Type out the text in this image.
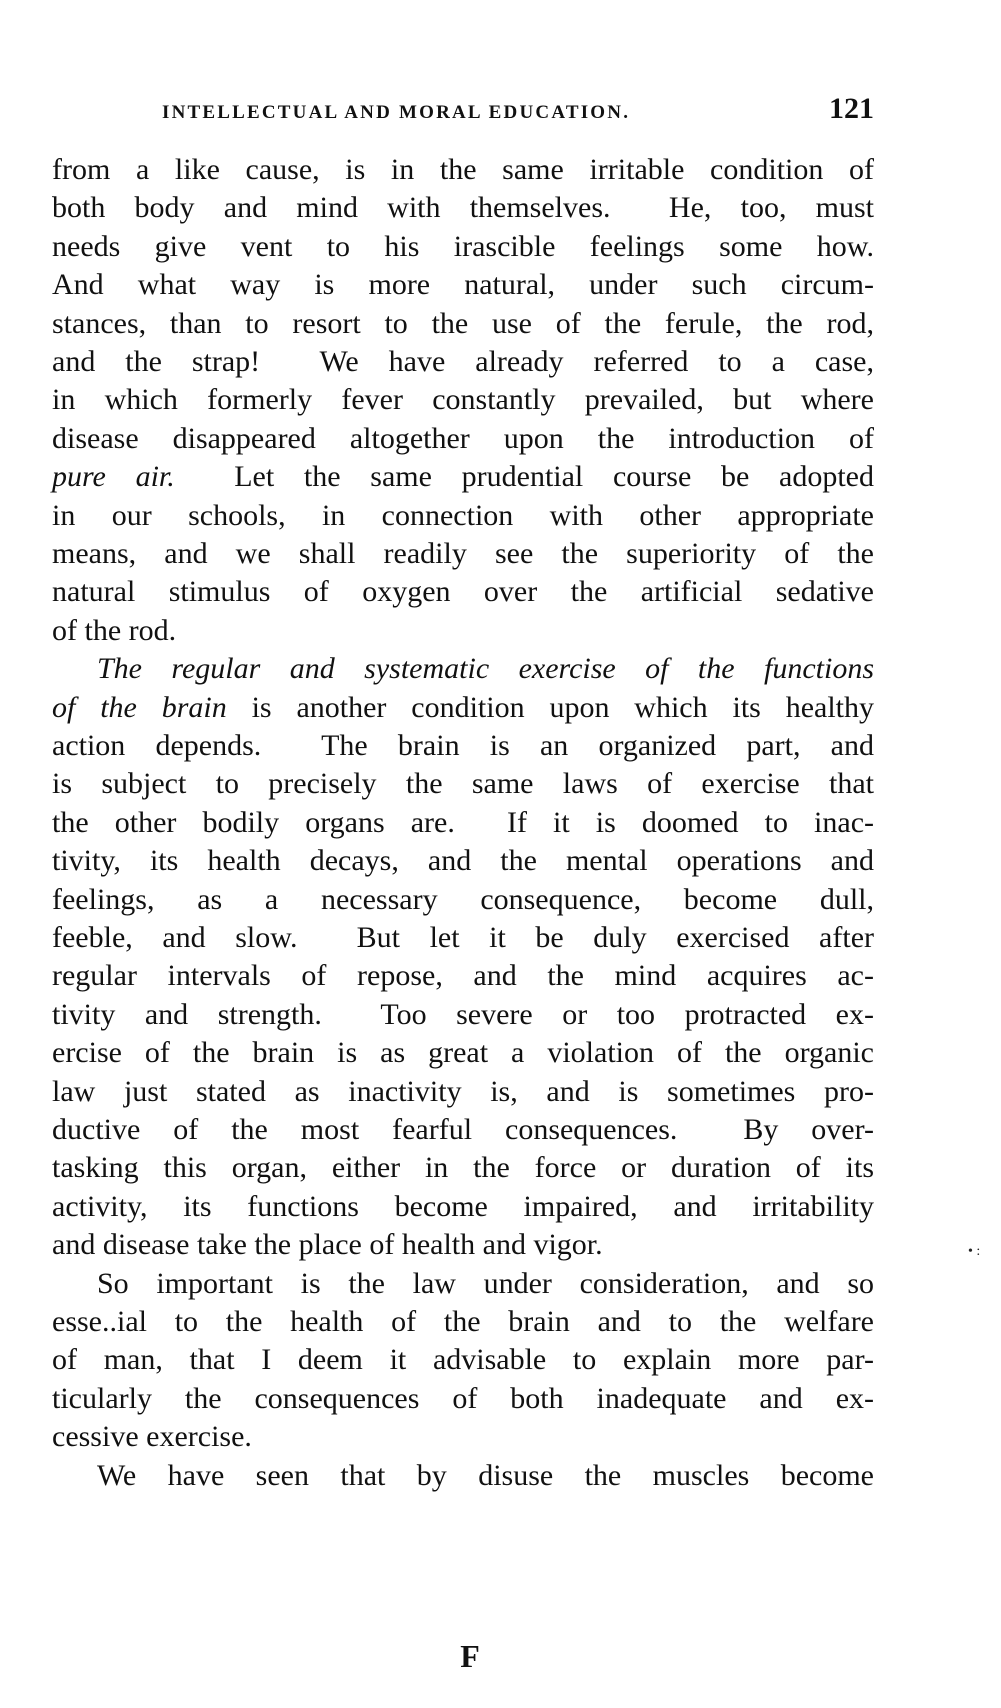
INTELLECTUAL AND MORAL EDUCATION.	121
from a like cause, is in the same irritable condition of
both body and mind with themselves.  He, too, must
needs give vent to his irascible feelings some how.
And what way is more natural, under such circum-
stances, than to resort to the use of the ferule, the rod,
and the strap!  We have already referred to a case,
in which formerly fever constantly prevailed, but where
disease disappeared altogether upon the introduction of
pure air.  Let the same prudential course be adopted
in our schools, in connection with other appropriate
means, and we shall readily see the superiority of the
natural stimulus of oxygen over the artificial sedative
of the rod.
The regular and systematic exercise of the functions
of the brain is another condition upon which its healthy
action depends.  The brain is an organized part, and
is subject to precisely the same laws of exercise that
the other bodily organs are.  If it is doomed to inac-
tivity, its health decays, and the mental operations and
feelings, as a necessary consequence, become dull,
feeble, and slow.  But let it be duly exercised after
regular intervals of repose, and the mind acquires ac-
tivity and strength.  Too severe or too protracted ex-
ercise of the brain is as great a violation of the organic
law just stated as inactivity is, and is sometimes pro-
ductive of the most fearful consequences.  By over-
tasking this organ, either in the force or duration of its
activity, its functions become impaired, and irritability
and disease take the place of health and vigor.
So important is the law under consideration, and so
esse..ial to the health of the brain and to the welfare
of man, that I deem it advisable to explain more par-
ticularly the consequences of both inadequate and ex-
cessive exercise.
We have seen that by disuse the muscles become
F
• :
